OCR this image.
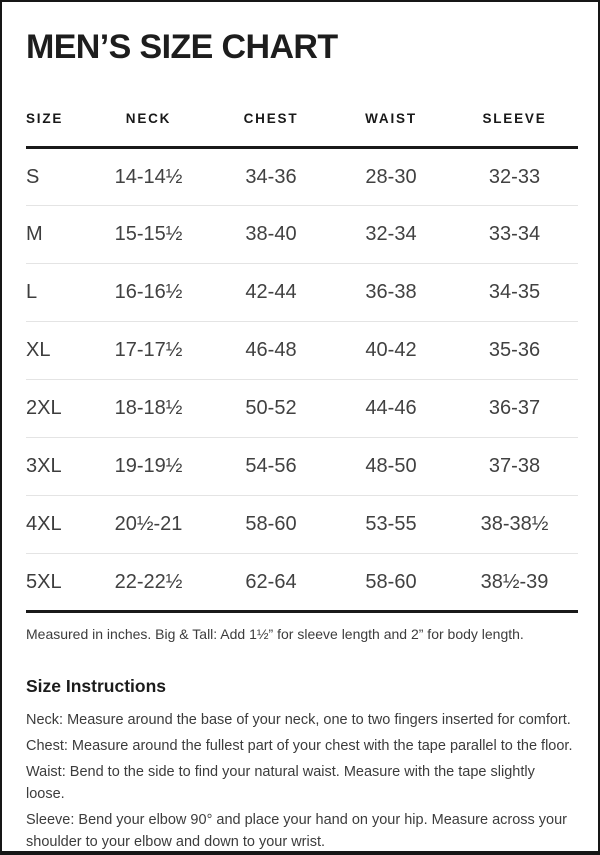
MEN’S SIZE CHART
SIZE	NECK	CHEST	WAIST	SLEEVE
S	14-14½	34-36	28-30	32-33
M	15-15½	38-40	32-34	33-34
L	16-16½	42-44	36-38	34-35
XL	17-17½	46-48	40-42	35-36
2XL	18-18½	50-52	44-46	36-37
3XL	19-19½	54-56	48-50	37-38
4XL	20½-21	58-60	53-55	38-38½
5XL	22-22½	62-64	58-60	38½-39

Measured in inches. Big & Tall: Add 1½” for sleeve length and 2” for body length.

Size Instructions

Neck: Measure around the base of your neck, one to two fingers inserted for comfort.

Chest: Measure around the fullest part of your chest with the tape parallel to the floor.

Waist: Bend to the side to find your natural waist. Measure with the tape slightly loose.

Sleeve: Bend your elbow 90° and place your hand on your hip. Measure across your shoulder to your elbow and down to your wrist.
